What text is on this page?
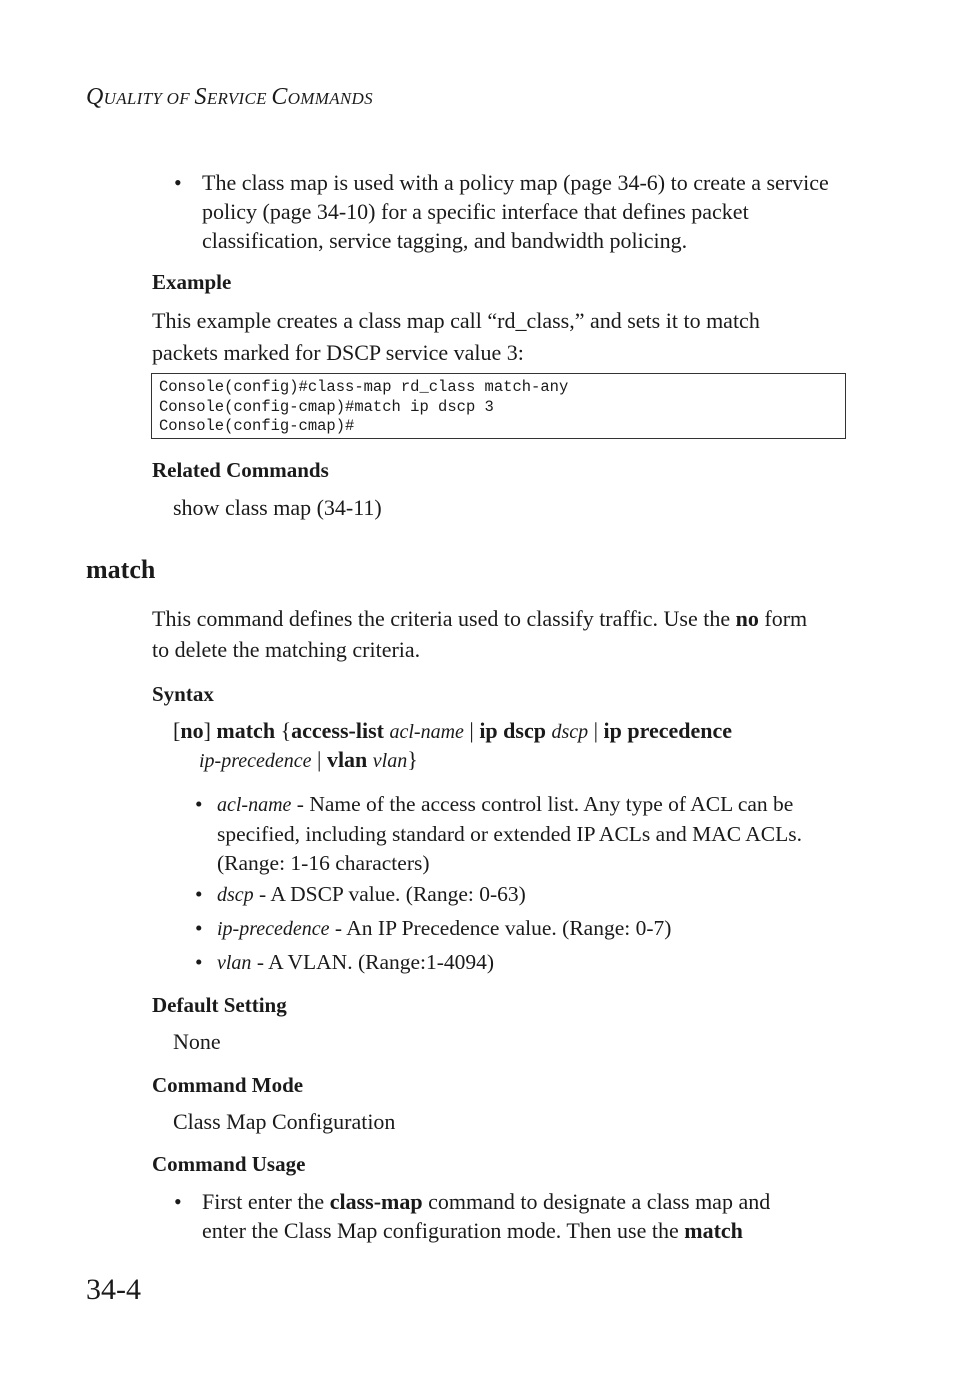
QUALITY OF SERVICE COMMANDS
• The class map is used with a policy map (page 34-6) to create a service
policy (page 34-10) for a specific interface that defines packet
classification, service tagging, and bandwidth policing.
Example
This example creates a class map call “rd_class,” and sets it to match
packets marked for DSCP service value 3:
Console(config)#class-map rd_class match-any
Console(config-cmap)#match ip dscp 3
Console(config-cmap)#
Related Commands
show class map (34-11)
match
This command defines the criteria used to classify traffic. Use the no form
to delete the matching criteria.
Syntax
[no] match {access-list acl-name | ip dscp dscp | ip precedence
ip-precedence | vlan vlan}
• acl-name - Name of the access control list. Any type of ACL can be
specified, including standard or extended IP ACLs and MAC ACLs.
(Range: 1-16 characters)
• dscp - A DSCP value. (Range: 0-63)
• ip-precedence - An IP Precedence value. (Range: 0-7)
• vlan - A VLAN. (Range:1-4094)
Default Setting
None
Command Mode
Class Map Configuration
Command Usage
• First enter the class-map command to designate a class map and
enter the Class Map configuration mode. Then use the match
34-4
